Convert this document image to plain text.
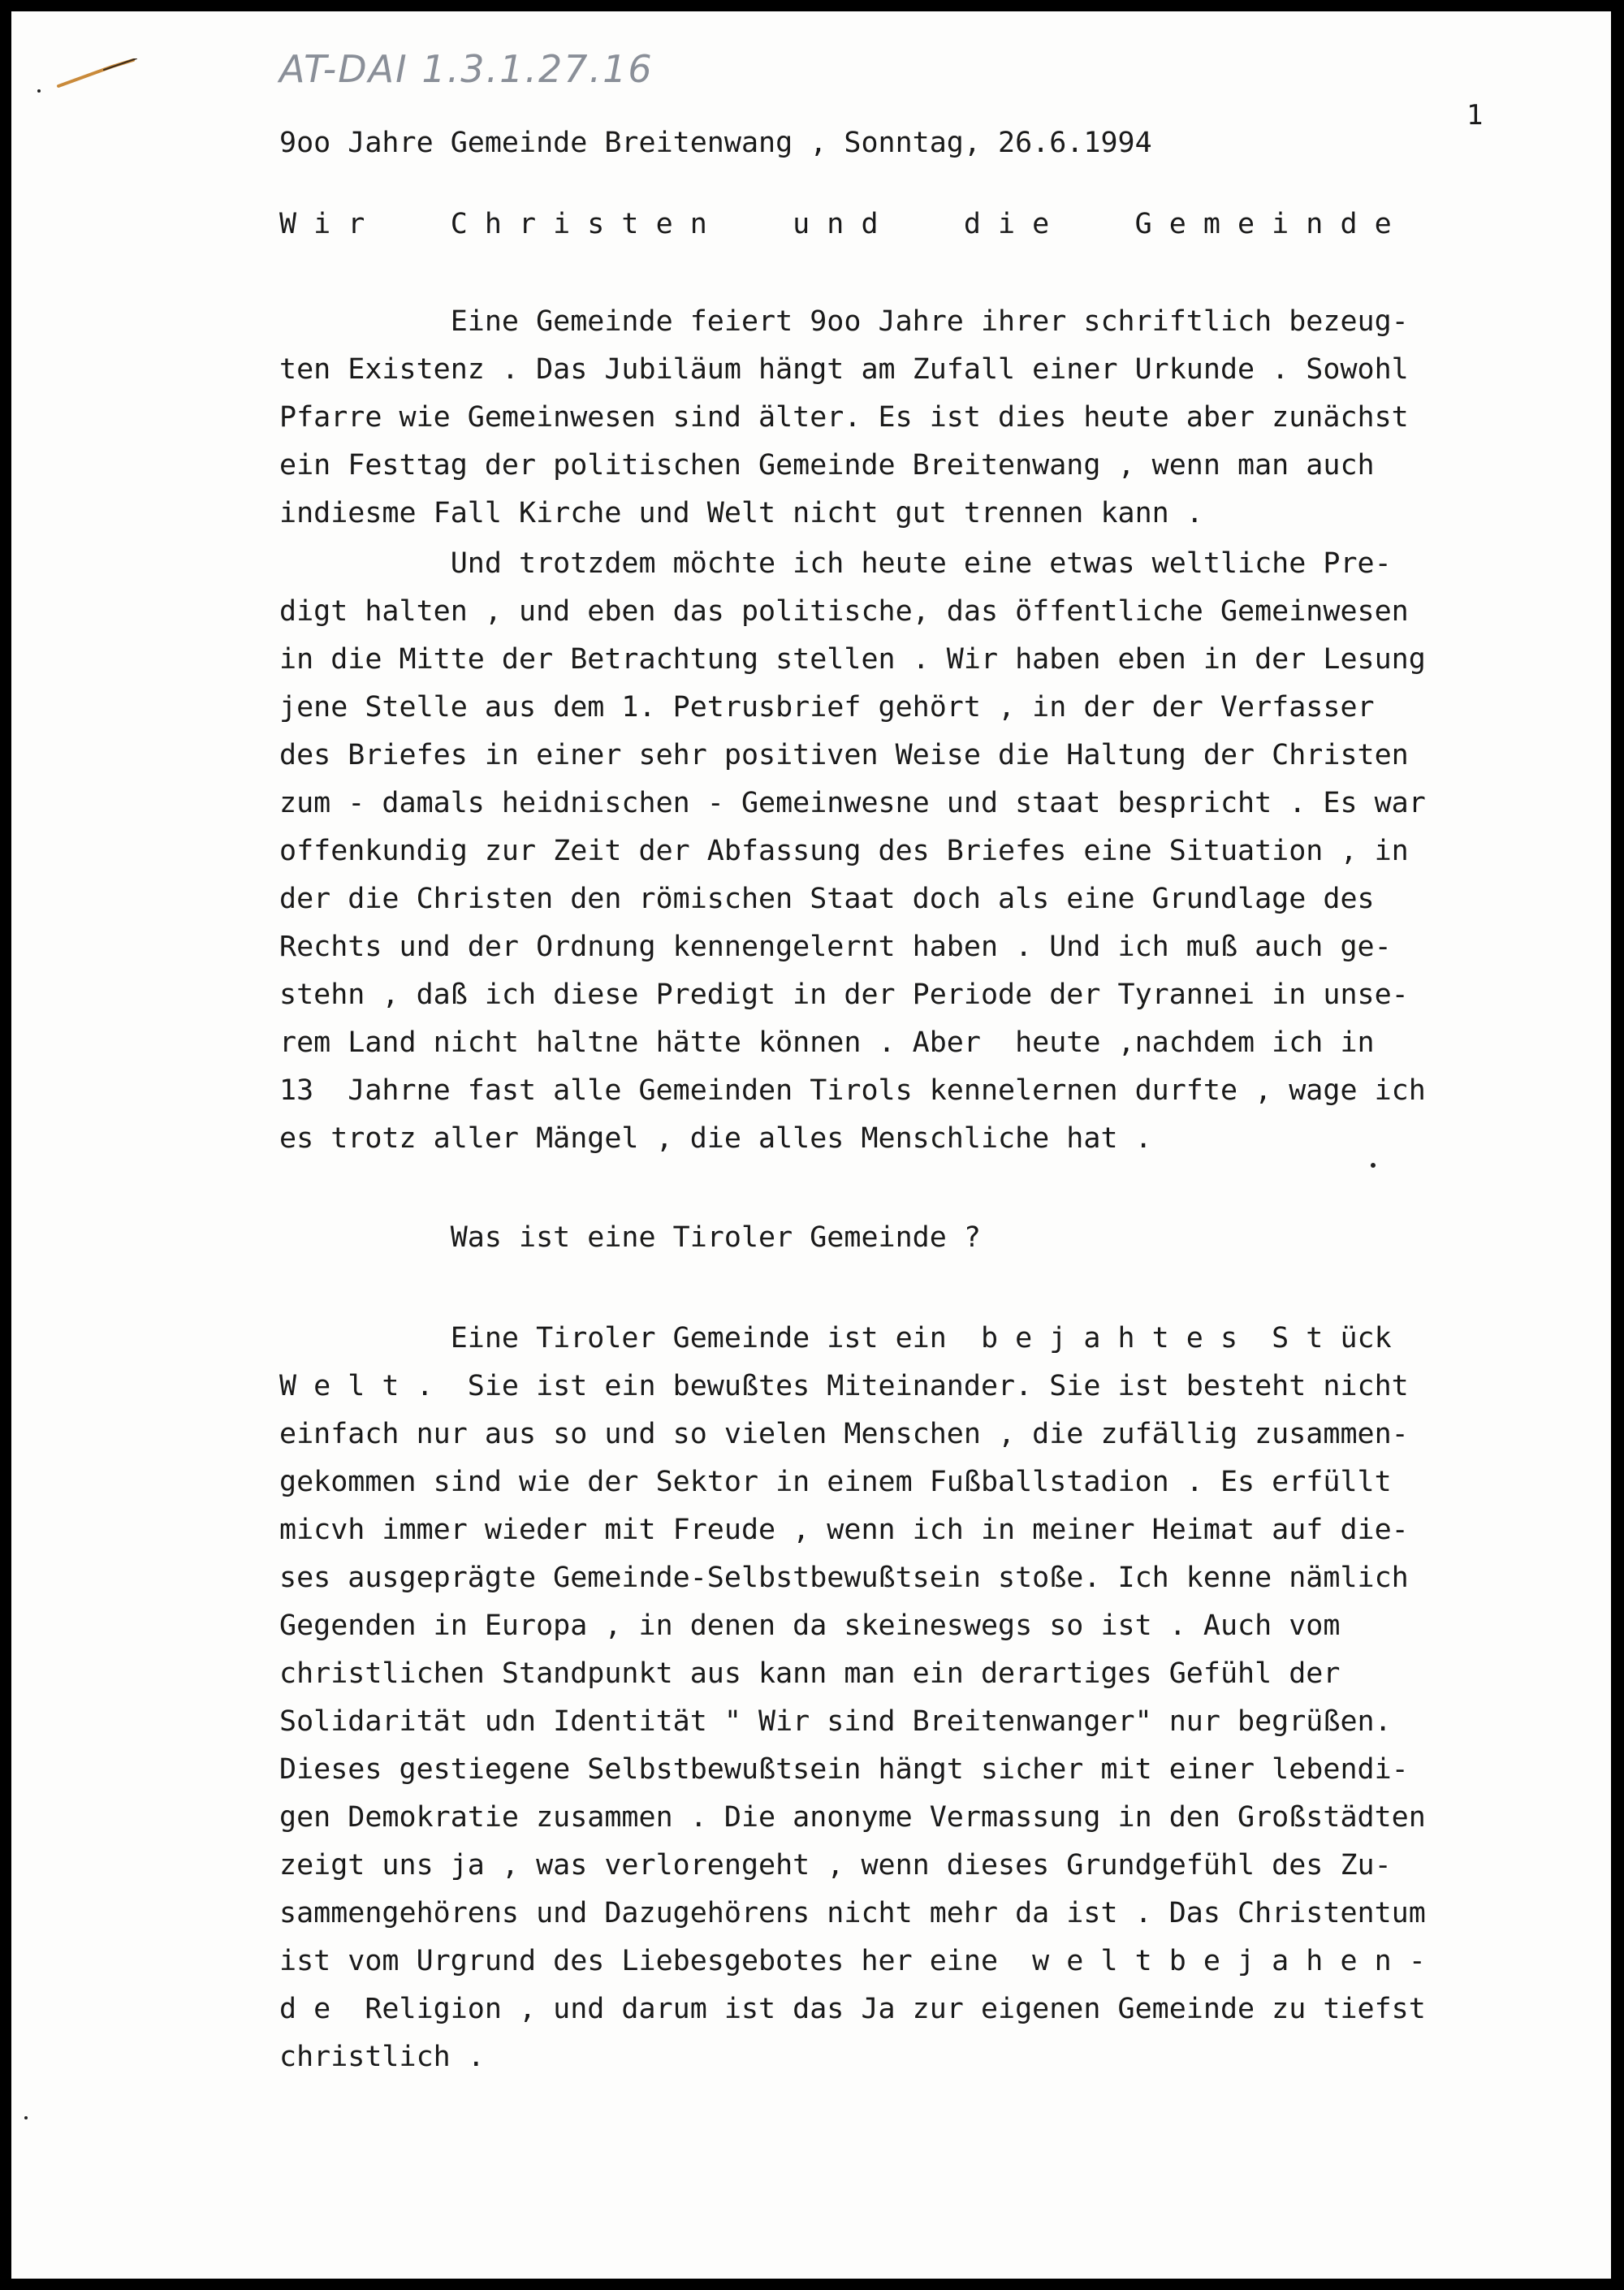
AT-DAI 1.3.1.27.16
1
9oo Jahre Gemeinde Breitenwang , Sonntag, 26.6.1994
W i r     C h r i s t e n     u n d     d i e     G e m e i n d e
Eine Gemeinde feiert 9oo Jahre ihrer schriftlich bezeug-
ten Existenz . Das Jubiläum hängt am Zufall einer Urkunde . Sowohl
Pfarre wie Gemeinwesen sind älter. Es ist dies heute aber zunächst
ein Festtag der politischen Gemeinde Breitenwang , wenn man auch
indiesme Fall Kirche und Welt nicht gut trennen kann .
Und trotzdem möchte ich heute eine etwas weltliche Pre-
digt halten , und eben das politische, das öffentliche Gemeinwesen
in die Mitte der Betrachtung stellen . Wir haben eben in der Lesung
jene Stelle aus dem 1. Petrusbrief gehört , in der der Verfasser
des Briefes in einer sehr positiven Weise die Haltung der Christen
zum - damals heidnischen - Gemeinwesne und staat bespricht . Es war
offenkundig zur Zeit der Abfassung des Briefes eine Situation , in
der die Christen den römischen Staat doch als eine Grundlage des
Rechts und der Ordnung kennengelernt haben . Und ich muß auch ge-
stehn , daß ich diese Predigt in der Periode der Tyrannei in unse-
rem Land nicht haltne hätte können . Aber  heute ,nachdem ich in
13  Jahrne fast alle Gemeinden Tirols kennelernen durfte , wage ich
es trotz aller Mängel , die alles Menschliche hat .
Was ist eine Tiroler Gemeinde ?
Eine Tiroler Gemeinde ist ein  b e j a h t e s  S t ück
W e l t .  Sie ist ein bewußtes Miteinander. Sie ist besteht nicht
einfach nur aus so und so vielen Menschen , die zufällig zusammen-
gekommen sind wie der Sektor in einem Fußballstadion . Es erfüllt
micvh immer wieder mit Freude , wenn ich in meiner Heimat auf die-
ses ausgeprägte Gemeinde-Selbstbewußtsein stoße. Ich kenne nämlich
Gegenden in Europa , in denen da skeineswegs so ist . Auch vom
christlichen Standpunkt aus kann man ein derartiges Gefühl der
Solidarität udn Identität " Wir sind Breitenwanger" nur begrüßen.
Dieses gestiegene Selbstbewußtsein hängt sicher mit einer lebendi-
gen Demokratie zusammen . Die anonyme Vermassung in den Großstädten
zeigt uns ja , was verlorengeht , wenn dieses Grundgefühl des Zu-
sammengehörens und Dazugehörens nicht mehr da ist . Das Christentum
ist vom Urgrund des Liebesgebotes her eine  w e l t b e j a h e n -
d e  Religion , und darum ist das Ja zur eigenen Gemeinde zu tiefst
christlich .
